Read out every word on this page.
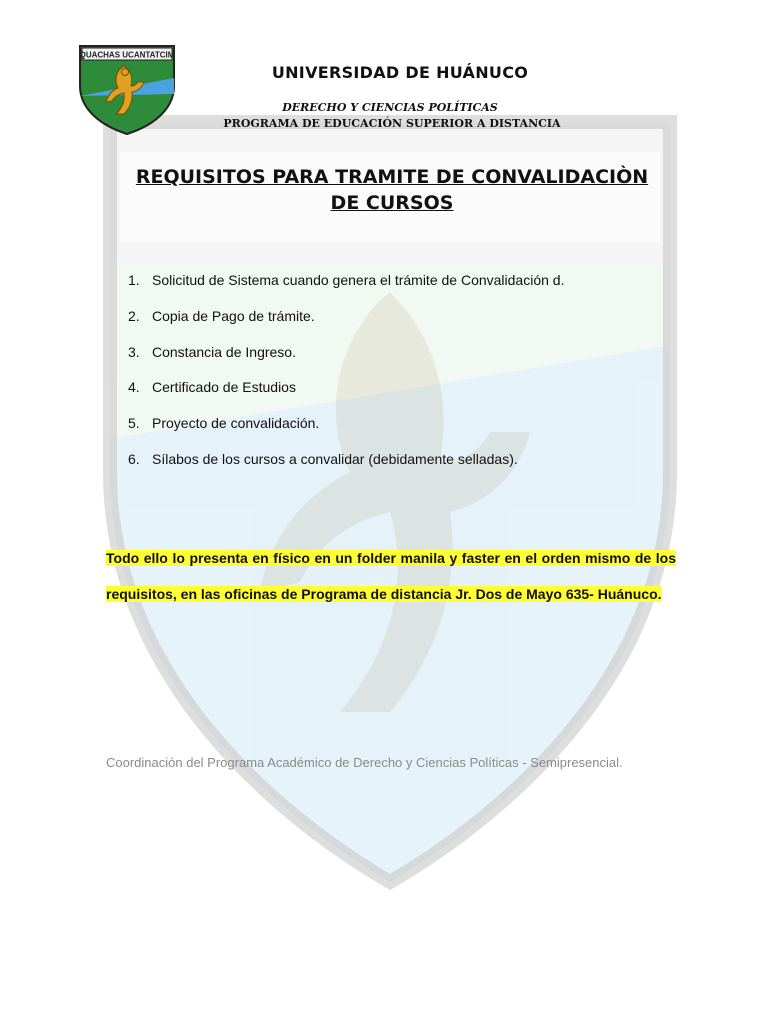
QUACHAS UCANTATCIM
UNIVERSIDAD DE HUÁNUCO
DERECHO Y CIENCIAS POLÍTICAS
PROGRAMA DE EDUCACIÓN SUPERIOR A DISTANCIA
REQUISITOS PARA TRAMITE DE CONVALIDACIÒN
DE CURSOS
1. Solicitud de Sistema cuando genera el trámite de Convalidación d.
2. Copia de Pago de trámite.
3. Constancia de Ingreso.
4. Certificado de Estudios
5. Proyecto de convalidación.
6. Sílabos de los cursos a convalidar (debidamente selladas).
Todo ello lo presenta en físico en un folder manila y faster en el orden mismo de los requisitos, en las oficinas de Programa de distancia Jr. Dos de Mayo 635- Huánuco.
Coordinación del Programa Académico de Derecho y Ciencias Políticas - Semipresencial.
